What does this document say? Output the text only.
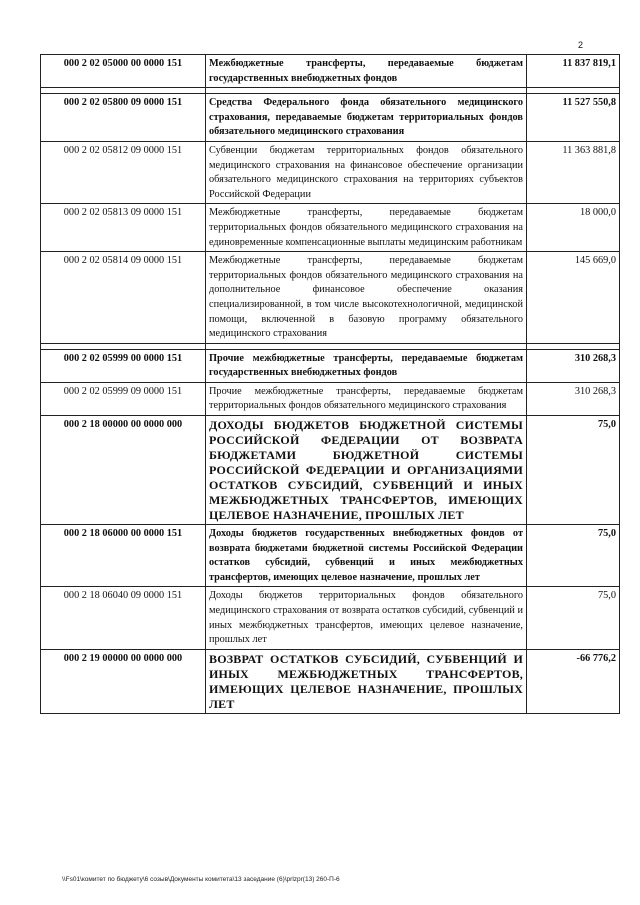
2
000 2 02 05000 00 0000 151	Межбюджетные трансферты, передаваемые бюджетам государственных внебюджетных фондов	11 837 819,1

000 2 02 05800 09 0000 151	Средства Федерального фонда обязательного медицинского страхования, передаваемые бюджетам территориальных фондов обязательного медицинского страхования	11 527 550,8
000 2 02 05812 09 0000 151	Субвенции бюджетам территориальных фондов обязательного медицинского страхования на финансовое обеспечение организации обязательного медицинского страхования на территориях субъектов Российской Федерации	11 363 881,8
000 2 02 05813 09 0000 151	Межбюджетные трансферты, передаваемые бюджетам территориальных фондов обязательного медицинского страхования на единовременные компенсационные выплаты медицинским работникам	18 000,0
000 2 02 05814 09 0000 151	Межбюджетные трансферты, передаваемые бюджетам территориальных фондов обязательного медицинского страхования на дополнительное финансовое обеспечение оказания специализированной, в том числе высокотехнологичной, медицинской помощи, включенной в базовую программу обязательного медицинского страхования	145 669,0

000 2 02 05999 00 0000 151	Прочие межбюджетные трансферты, передаваемые бюджетам государственных внебюджетных фондов	310 268,3
000 2 02 05999 09 0000 151	Прочие межбюджетные трансферты, передаваемые бюджетам территориальных фондов обязательного медицинского страхования	310 268,3
000 2 18 00000 00 0000 000	ДОХОДЫ БЮДЖЕТОВ БЮДЖЕТНОЙ СИСТЕМЫ РОССИЙСКОЙ ФЕДЕРАЦИИ ОТ ВОЗВРАТА БЮДЖЕТАМИ БЮДЖЕТНОЙ СИСТЕМЫ РОССИЙСКОЙ ФЕДЕРАЦИИ И ОРГАНИЗАЦИЯМИ ОСТАТКОВ СУБСИДИЙ, СУБВЕНЦИЙ И ИНЫХ МЕЖБЮДЖЕТНЫХ ТРАНСФЕРТОВ, ИМЕЮЩИХ ЦЕЛЕВОЕ НАЗНАЧЕНИЕ, ПРОШЛЫХ ЛЕТ	75,0
000 2 18 06000 00 0000 151	Доходы бюджетов государственных внебюджетных фондов от возврата бюджетами бюджетной системы Российской Федерации остатков субсидий, субвенций и иных межбюджетных трансфертов, имеющих целевое назначение, прошлых лет	75,0
000 2 18 06040 09 0000 151	Доходы бюджетов территориальных фондов обязательного медицинского страхования от возврата остатков субсидий, субвенций и иных межбюджетных трансфертов, имеющих целевое назначение, прошлых лет	75,0
000 2 19 00000 00 0000 000	ВОЗВРАТ ОСТАТКОВ СУБСИДИЙ, СУБВЕНЦИЙ И ИНЫХ МЕЖБЮДЖЕТНЫХ ТРАНСФЕРТОВ, ИМЕЮЩИХ ЦЕЛЕВОЕ НАЗНАЧЕНИЕ, ПРОШЛЫХ ЛЕТ	-66 776,2
\\Fs01\комитет по бюджету\6 созыв\Документы комитета\13 заседание (6)\prlzpr(13) 260-П-6
